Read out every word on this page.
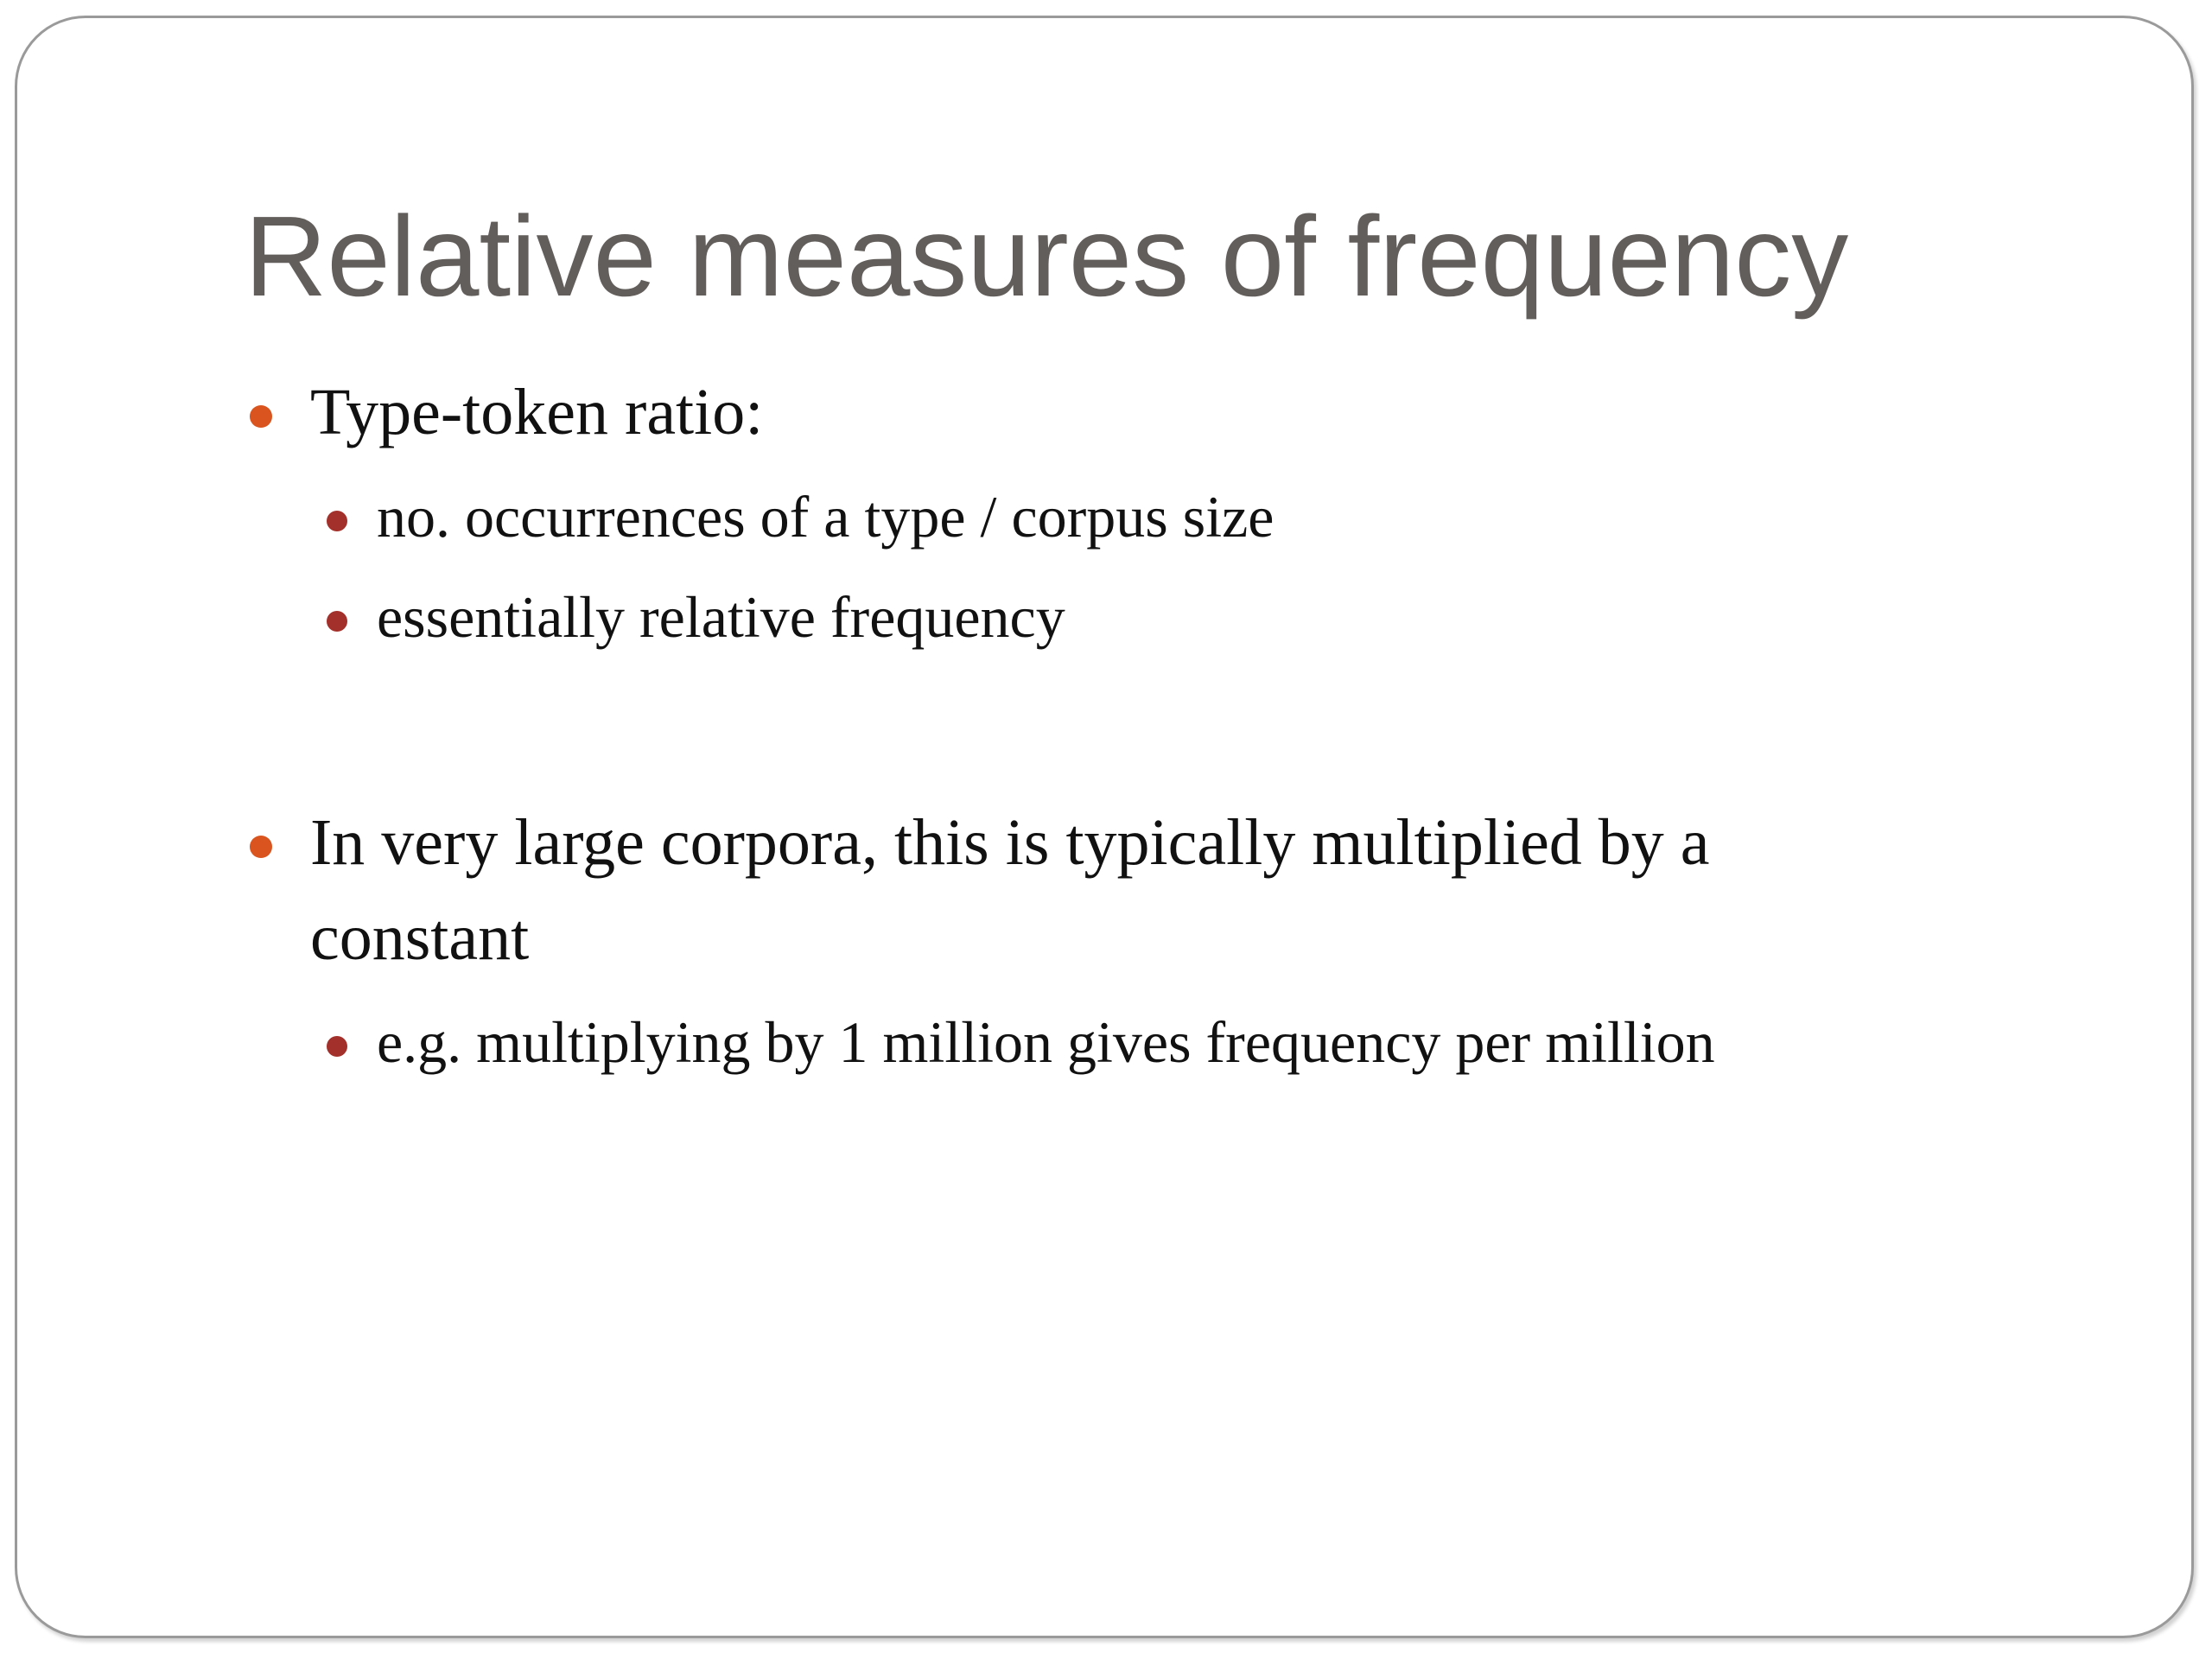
Relative measures of frequency
Type-token ratio:
no. occurrences of a type / corpus size
essentially relative frequency
In very large corpora, this is typically multiplied by a
constant
e.g. multiplying by 1 million gives frequency per million
